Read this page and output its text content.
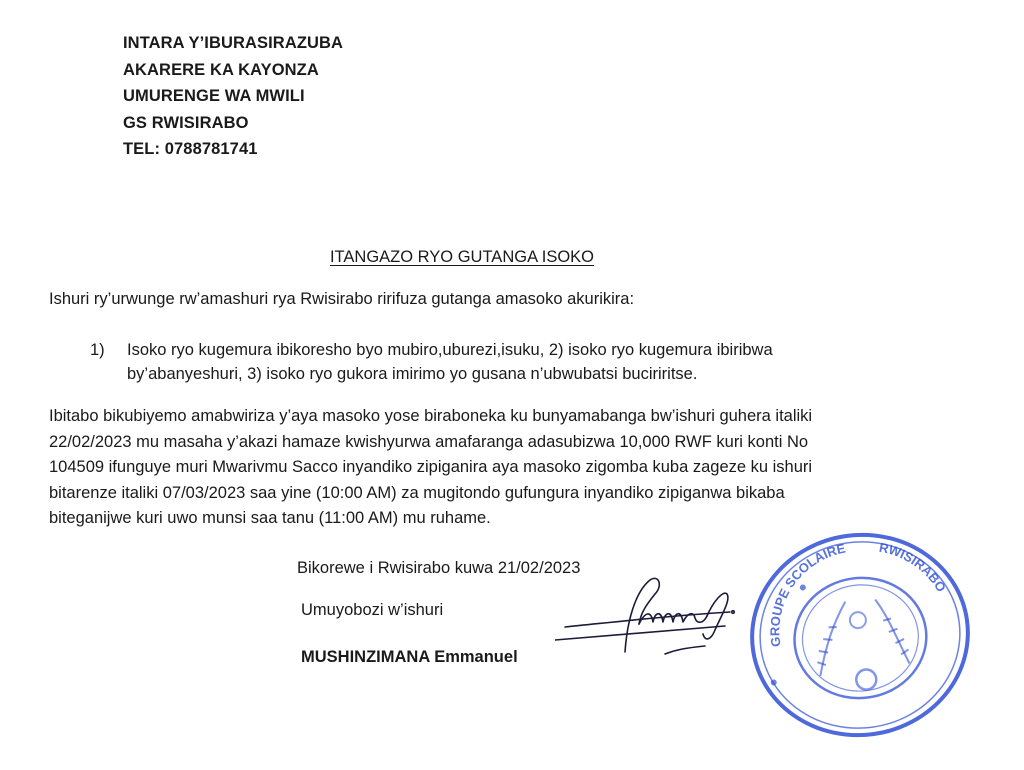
INTARA Y’IBURASIRAZUBA
AKARERE KA KAYONZA
UMURENGE WA MWILI
GS RWISIRABO
TEL: 0788781741
ITANGAZO RYO GUTANGA ISOKO
Ishuri ry’urwunge rw’amashuri rya Rwisirabo ririfuza gutanga amasoko akurikira:
1) Isoko ryo kugemura ibikoresho byo mubiro,uburezi,isuku, 2) isoko ryo kugemura ibiribwa
by’abanyeshuri, 3) isoko ryo gukora imirimo yo gusana n’ubwubatsi buciriritse.
Ibitabo bikubiyemo amabwiriza y’aya masoko yose biraboneka ku bunyamabanga bw’ishuri guhera italiki
22/02/2023 mu masaha y’akazi hamaze kwishyurwa amafaranga adasubizwa 10,000 RWF kuri konti No
104509 ifunguye muri Mwarivmu Sacco inyandiko zipiganira aya masoko zigomba kuba zageze ku ishuri
bitarenze italiki 07/03/2023 saa yine (10:00 AM) za mugitondo gufungura inyandiko zipiganwa bikaba
biteganijwe kuri uwo munsi saa tanu (11:00 AM) mu ruhame.
Bikorewe i Rwisirabo kuwa 21/02/2023
Umuyobozi w’ishuri
MUSHINZIMANA Emmanuel
GROUPE SCOLAIRE	RWISIRABO
